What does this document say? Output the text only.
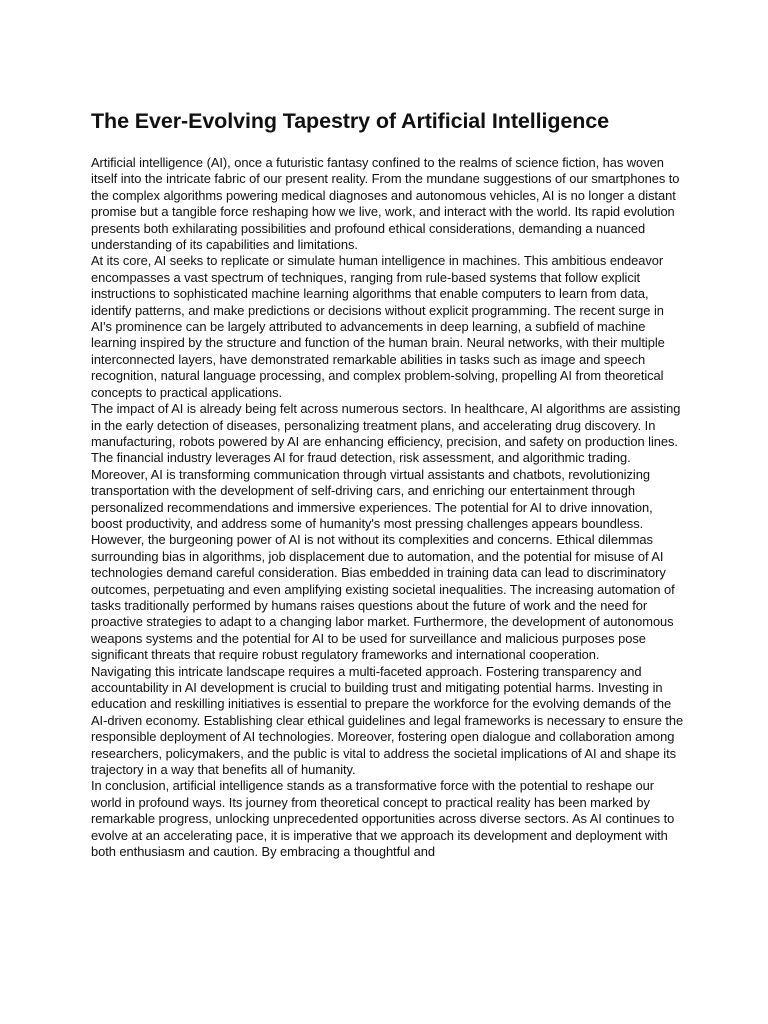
The Ever-Evolving Tapestry of Artificial Intelligence

Artificial intelligence (AI), once a futuristic fantasy confined to the realms of science fiction, has woven itself into the intricate fabric of our present reality. From the mundane suggestions of our smartphones to the complex algorithms powering medical diagnoses and autonomous vehicles, AI is no longer a distant promise but a tangible force reshaping how we live, work, and interact with the world. Its rapid evolution presents both exhilarating possibilities and profound ethical considerations, demanding a nuanced understanding of its capabilities and limitations.

At its core, AI seeks to replicate or simulate human intelligence in machines. This ambitious endeavor encompasses a vast spectrum of techniques, ranging from rule-based systems that follow explicit instructions to sophisticated machine learning algorithms that enable computers to learn from data, identify patterns, and make predictions or decisions without explicit programming. The recent surge in AI's prominence can be largely attributed to advancements in deep learning, a subfield of machine learning inspired by the structure and function of the human brain. Neural networks, with their multiple interconnected layers, have demonstrated remarkable abilities in tasks such as image and speech recognition, natural language processing, and complex problem-solving, propelling AI from theoretical concepts to practical applications.

The impact of AI is already being felt across numerous sectors. In healthcare, AI algorithms are assisting in the early detection of diseases, personalizing treatment plans, and accelerating drug discovery. In manufacturing, robots powered by AI are enhancing efficiency, precision, and safety on production lines. The financial industry leverages AI for fraud detection, risk assessment, and algorithmic trading. Moreover, AI is transforming communication through virtual assistants and chatbots, revolutionizing transportation with the development of self-driving cars, and enriching our entertainment through personalized recommendations and immersive experiences. The potential for AI to drive innovation, boost productivity, and address some of humanity's most pressing challenges appears boundless.

However, the burgeoning power of AI is not without its complexities and concerns. Ethical dilemmas surrounding bias in algorithms, job displacement due to automation, and the potential for misuse of AI technologies demand careful consideration. Bias embedded in training data can lead to discriminatory outcomes, perpetuating and even amplifying existing societal inequalities. The increasing automation of tasks traditionally performed by humans raises questions about the future of work and the need for proactive strategies to adapt to a changing labor market. Furthermore, the development of autonomous weapons systems and the potential for AI to be used for surveillance and malicious purposes pose significant threats that require robust regulatory frameworks and international cooperation.

Navigating this intricate landscape requires a multi-faceted approach. Fostering transparency and accountability in AI development is crucial to building trust and mitigating potential harms. Investing in education and reskilling initiatives is essential to prepare the workforce for the evolving demands of the AI-driven economy. Establishing clear ethical guidelines and legal frameworks is necessary to ensure the responsible deployment of AI technologies. Moreover, fostering open dialogue and collaboration among researchers, policymakers, and the public is vital to address the societal implications of AI and shape its trajectory in a way that benefits all of humanity.

In conclusion, artificial intelligence stands as a transformative force with the potential to reshape our world in profound ways. Its journey from theoretical concept to practical reality has been marked by remarkable progress, unlocking unprecedented opportunities across diverse sectors. As AI continues to evolve at an accelerating pace, it is imperative that we approach its development and deployment with both enthusiasm and caution. By embracing a thoughtful and
